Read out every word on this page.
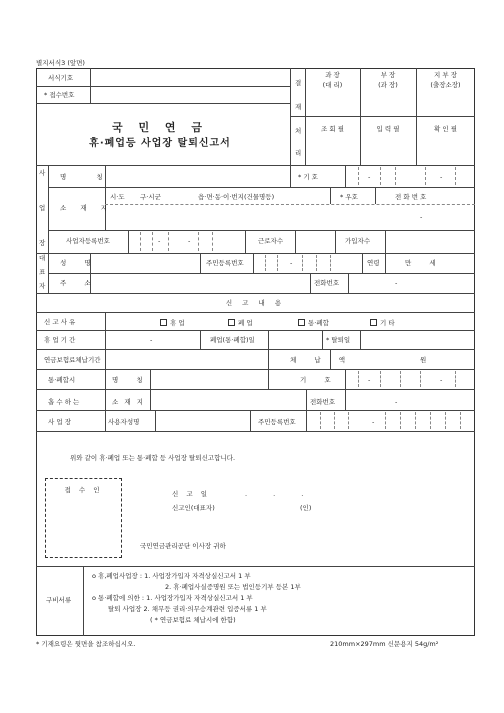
별지서식3 (앞면)
서식기호
* 접수번호
국 민 연 금
휴·폐업등 사업장 탈퇴신고서
결
재
처
리
과 장	부 장	지 부 장
(대 리)	(과 장)	(출장소장)
조 회 필	입 력 필	확 인 필
사
업
장
명 칭	* 기 호	-	-
소 재 지
시·도 구·시군	읍·면·동·이·번지(건물명등)	* 우호	전 화 번 호
-
사업자등록번호	-	-	근로자수	가입자수
대
표
자
성 명	주민등록번호	-	연령	만 세
주 소	전화번호	-
신 고 내 용
신 고 사 유	휴 업	폐 업	통·폐합	기 타
휴 업 기 간	-	폐업(통·폐합)일	* 탈퇴일
연금보험료체납기간	체 납 액	원
통·폐합시
흡 수 하 는
사 업 장
명 칭	기 호	-	-
소 재 지	전화번호	-
사용자성명	주민등록번호	-
위와 같이 휴·폐업 또는 통·폐합 등 사업장 탈퇴신고합니다.
접 수 인	신 고 일	. . .
신고인(대표자)	(인)
국민연금관리공단 이사장 귀하
구비서류
o 휴,폐업사업장 : 1. 사업장가입자 자격상실신고서 1 부
2. 휴·폐업사실증명원 또는 법인등기부 등본 1부
o 통·폐합에 의한 : 1. 사업장가입자 자격상실신고서 1 부
탈퇴 사업장 2. 채무등 권리·의무승계관련 입증서류 1 부
( * 연금보험료 체납시에 한함)
* 기재요령은 뒷면을 참조하십시오.	210mm×297mm 신문용지 54g/m²
